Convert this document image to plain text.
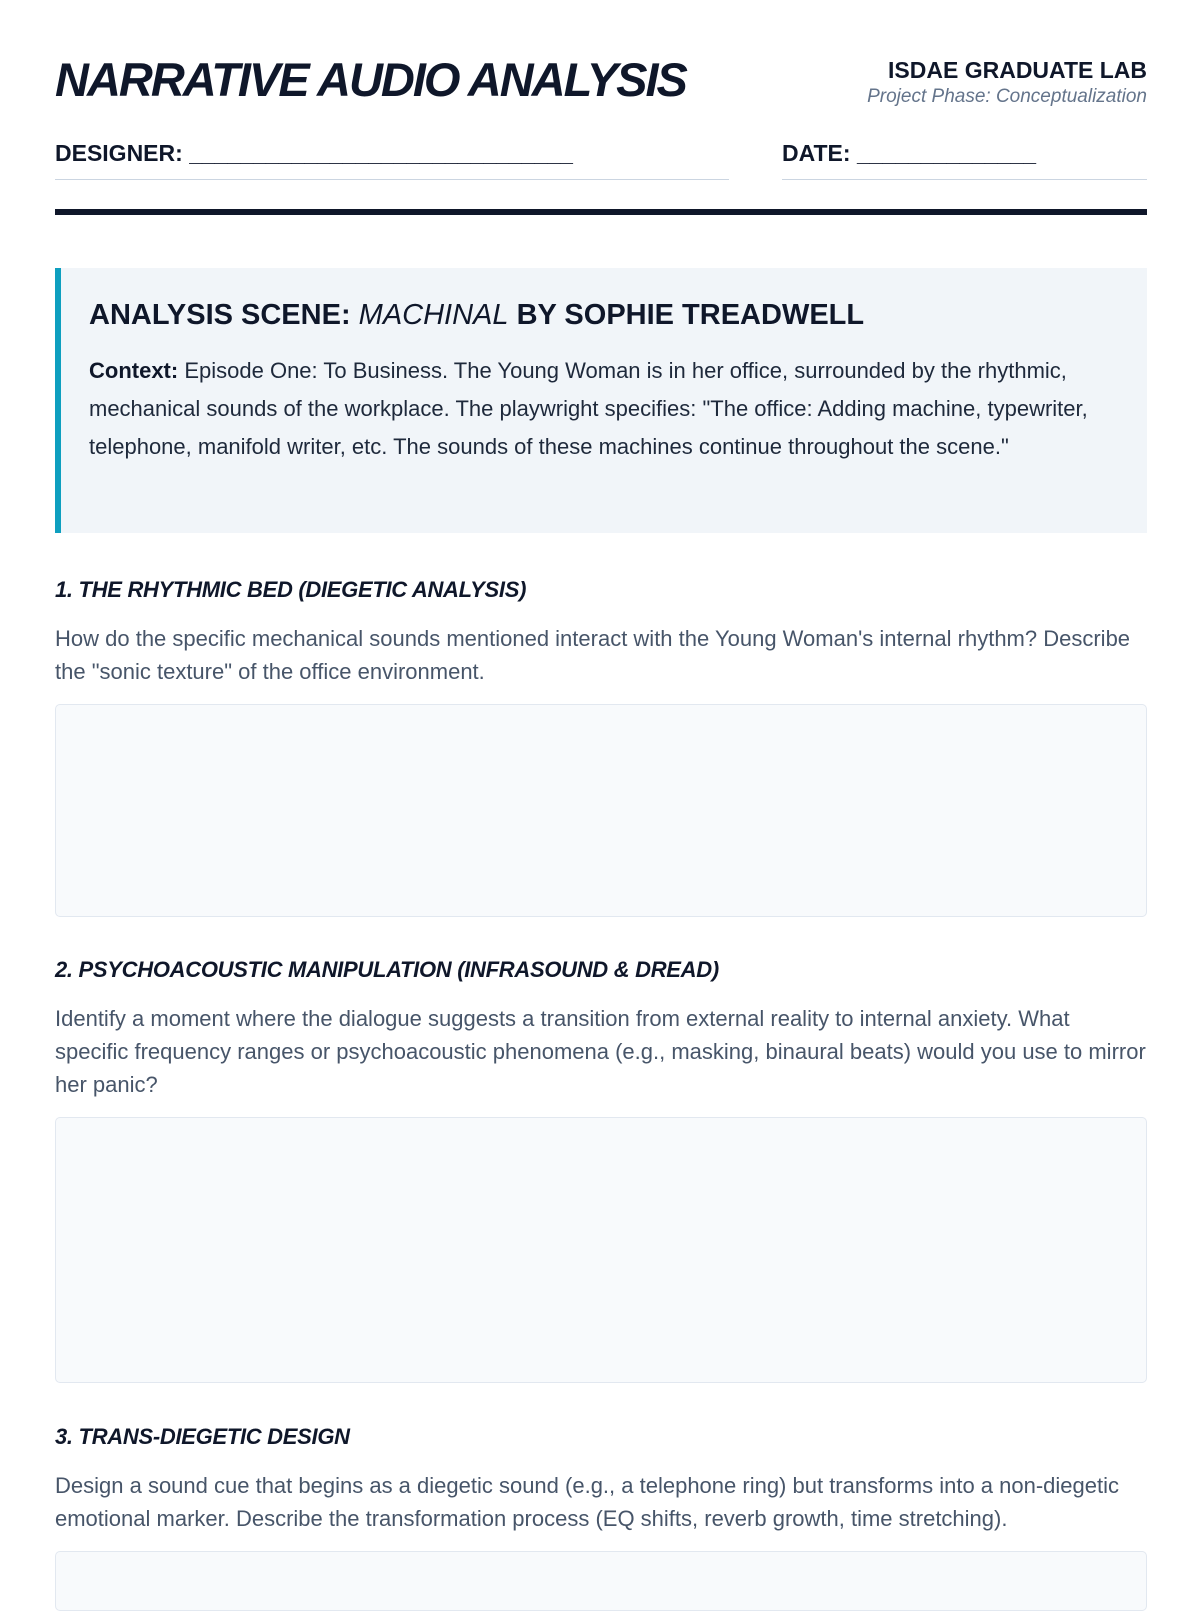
NARRATIVE AUDIO ANALYSIS	ISDAE GRADUATE LAB
Project Phase: Conceptualization
DESIGNER: ______________________________	DATE: ______________
ANALYSIS SCENE: MACHINAL BY SOPHIE TREADWELL

Context: Episode One: To Business. The Young Woman is in her office, surrounded by the rhythmic, mechanical sounds of the workplace. The playwright specifies: "The office: Adding machine, typewriter, telephone, manifold writer, etc. The sounds of these machines continue throughout the scene."

1. THE RHYTHMIC BED (DIEGETIC ANALYSIS)

How do the specific mechanical sounds mentioned interact with the Young Woman's internal rhythm? Describe the "sonic texture" of the office environment.

2. PSYCHOACOUSTIC MANIPULATION (INFRASOUND & DREAD)

Identify a moment where the dialogue suggests a transition from external reality to internal anxiety. What specific frequency ranges or psychoacoustic phenomena (e.g., masking, binaural beats) would you use to mirror her panic?

3. TRANS-DIEGETIC DESIGN

Design a sound cue that begins as a diegetic sound (e.g., a telephone ring) but transforms into a non-diegetic emotional marker. Describe the transformation process (EQ shifts, reverb growth, time stretching).
